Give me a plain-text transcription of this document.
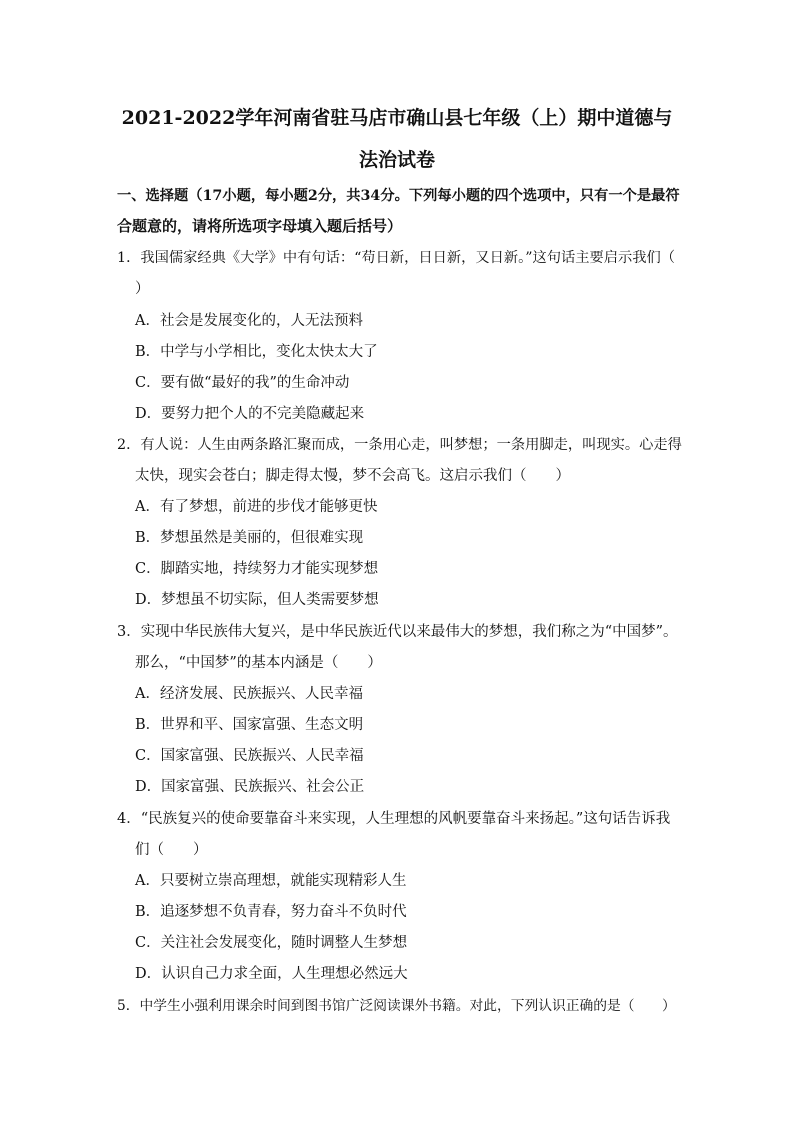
2021-2022学年河南省驻马店市确山县七年级（上）期中道德与
法治试卷
一、选择题（17小题，每小题2分，共34分。下列每小题的四个选项中，只有一个是最符
合题意的，请将所选项字母填入题后括号）
1．我国儒家经典《大学》中有句话：“苟日新，日日新，又日新。”这句话主要启示我们（
）
A．社会是发展变化的，人无法预料
B．中学与小学相比，变化太快太大了
C．要有做“最好的我”的生命冲动
D．要努力把个人的不完美隐藏起来
2．有人说：人生由两条路汇聚而成，一条用心走，叫梦想；一条用脚走，叫现实。心走得
太快，现实会苍白；脚走得太慢，梦不会高飞。这启示我们（　　）
A．有了梦想，前进的步伐才能够更快
B．梦想虽然是美丽的，但很难实现
C．脚踏实地，持续努力才能实现梦想
D．梦想虽不切实际，但人类需要梦想
3．实现中华民族伟大复兴，是中华民族近代以来最伟大的梦想，我们称之为“中国梦”。
那么，“中国梦”的基本内涵是（　　）
A．经济发展、民族振兴、人民幸福
B．世界和平、国家富强、生态文明
C．国家富强、民族振兴、人民幸福
D．国家富强、民族振兴、社会公正
4．“民族复兴的使命要靠奋斗来实现，人生理想的风帆要靠奋斗来扬起。”这句话告诉我
们（　　）
A．只要树立崇高理想，就能实现精彩人生
B．追逐梦想不负青春，努力奋斗不负时代
C．关注社会发展变化，随时调整人生梦想
D．认识自己力求全面，人生理想必然远大
5．中学生小强利用课余时间到图书馆广泛阅读课外书籍。对此，下列认识正确的是（　　）
